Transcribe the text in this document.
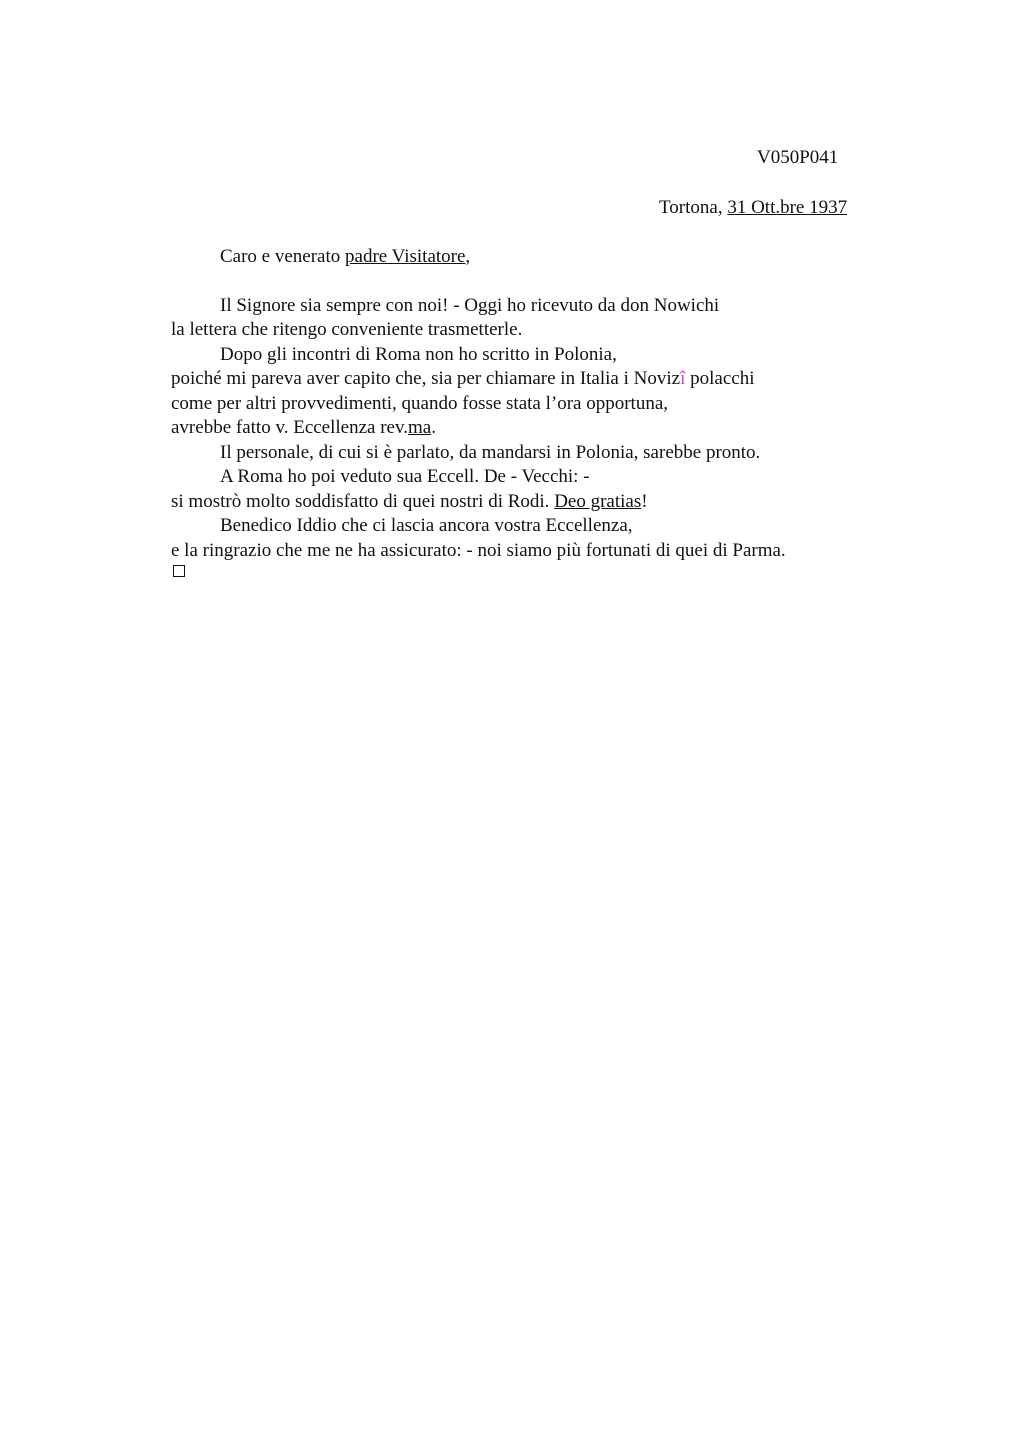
V050P041
Tortona, 31 Ott.bre 1937
Caro e venerato padre Visitatore,
Il Signore sia sempre con noi! - Oggi ho ricevuto da don Nowichi
la lettera che ritengo conveniente trasmetterle.
Dopo gli incontri di Roma non ho scritto in Polonia,
poiché mi pareva aver capito che, sia per chiamare in Italia i Novizî polacchi
come per altri provvedimenti, quando fosse stata l’ora opportuna,
avrebbe fatto v. Eccellenza rev.ma.
Il personale, di cui si è parlato, da mandarsi in Polonia, sarebbe pronto.
A Roma ho poi veduto sua Eccell. De - Vecchi: -
si mostrò molto soddisfatto di quei nostri di Rodi. Deo gratias!
Benedico Iddio che ci lascia ancora vostra Eccellenza,
e la ringrazio che me ne ha assicurato: - noi siamo più fortunati di quei di Parma.
